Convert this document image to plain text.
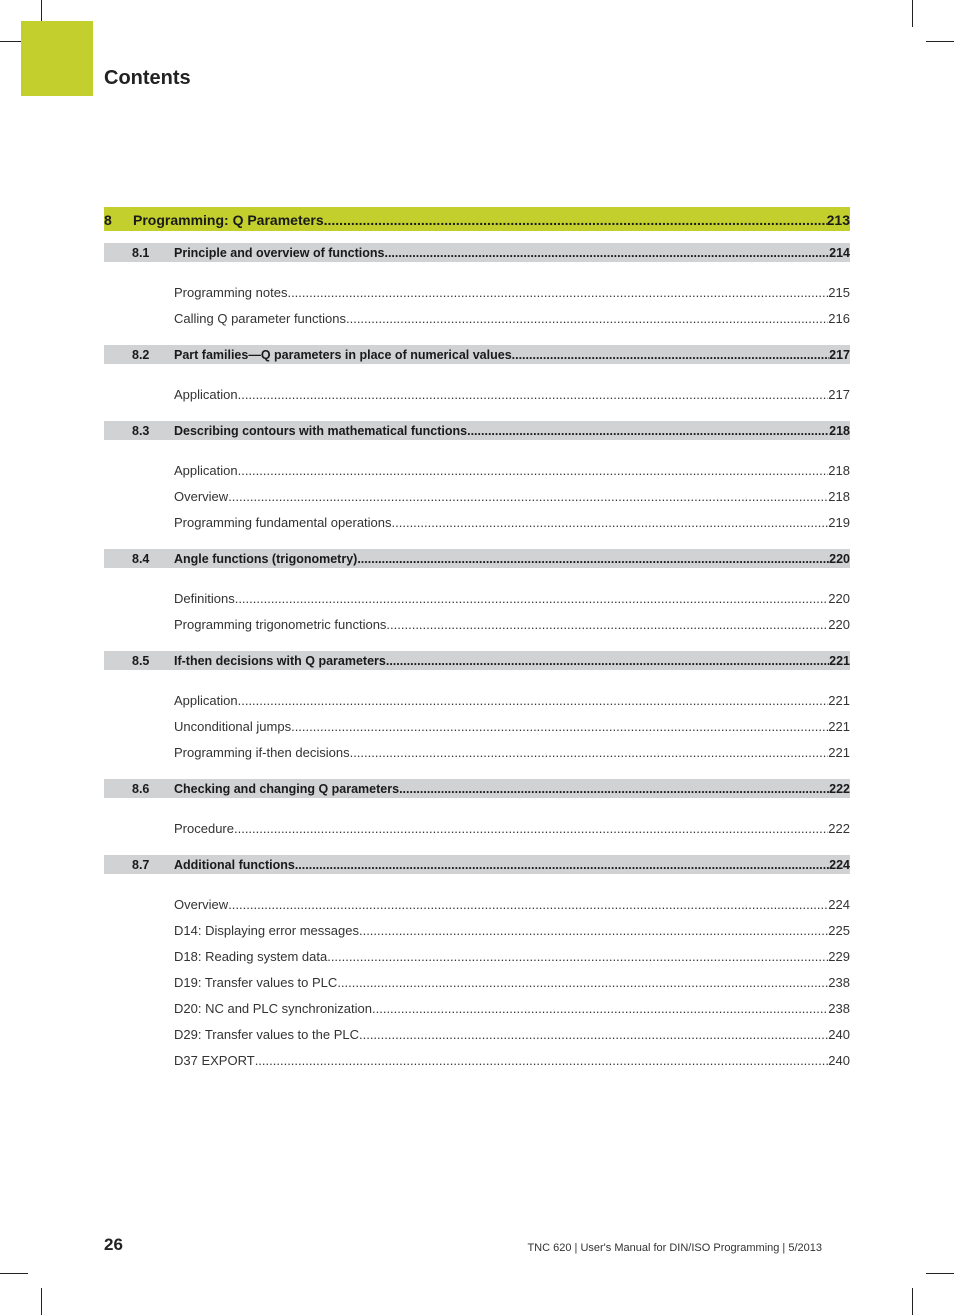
Contents
8	Programming: Q Parameters .....	213
8.1	Principle and overview of functions .....	214
Programming notes .....	215
Calling Q parameter functions .....	216
8.2	Part families—Q parameters in place of numerical values .....	217
Application .....	217
8.3	Describing contours with mathematical functions .....	218
Application .....	218
Overview .....	218
Programming fundamental operations .....	219
8.4	Angle functions (trigonometry) .....	220
Definitions .....	220
Programming trigonometric functions .....	220
8.5	If-then decisions with Q parameters .....	221
Application .....	221
Unconditional jumps .....	221
Programming if-then decisions .....	221
8.6	Checking and changing Q parameters .....	222
Procedure .....	222
8.7	Additional functions .....	224
Overview .....	224
D14: Displaying error messages .....	225
D18: Reading system data .....	229
D19: Transfer values to PLC .....	238
D20: NC and PLC synchronization .....	238
D29: Transfer values to the PLC .....	240
D37 EXPORT .....	240
26	TNC 620 | User's Manual for DIN/ISO Programming | 5/2013
